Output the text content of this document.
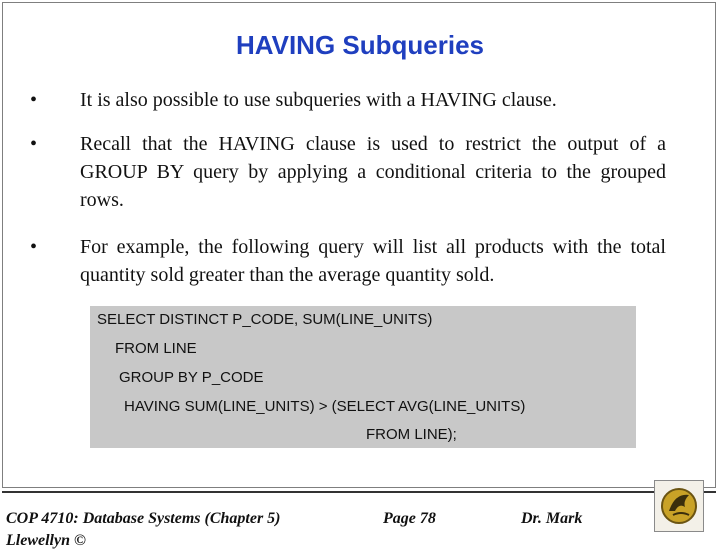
HAVING Subqueries
•	It is also possible to use subqueries with a HAVING clause.
•	Recall that the HAVING clause is used to restrict the output of a GROUP BY query by applying a conditional criteria to the grouped rows.
•	For example, the following query will list all products with the total quantity sold greater than the average quantity sold.
SELECT DISTINCT P_CODE, SUM(LINE_UNITS)
FROM LINE
GROUP BY P_CODE
HAVING SUM(LINE_UNITS) > (SELECT AVG(LINE_UNITS)
FROM LINE);
COP 4710: Database Systems (Chapter 5)	Page 78	Dr. Mark
Llewellyn ©
